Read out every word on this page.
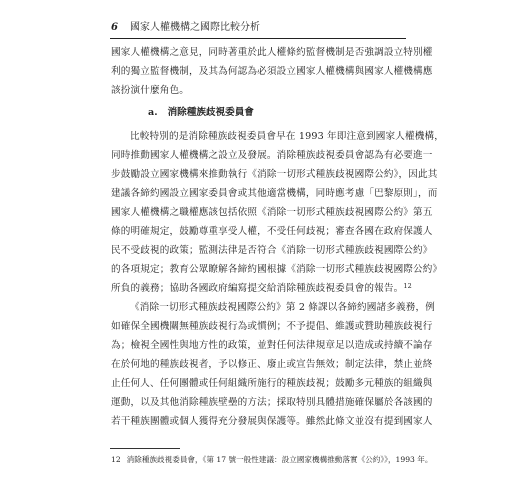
6 國家人權機構之國際比較分析
國家人權機構之意見，同時著重於此人權條約監督機制是否強調設立特別權
利的獨立監督機制，及其為何認為必須設立國家人權機構與國家人權機構應
該扮演什麼角色。
a. 消除種族歧視委員會
比較特別的是消除種族歧視委員會早在 1993 年即注意到國家人權機構，
同時推動國家人權機構之設立及發展。消除種族歧視委員會認為有必要進一
步鼓勵設立國家機構來推動執行《消除一切形式種族歧視國際公約》，因此其
建議各締約國設立國家委員會或其他適當機構，同時應考慮「巴黎原則」，而
國家人權機構之職權應該包括依照《消除一切形式種族歧視國際公約》第五
條的明確規定，鼓勵尊重享受人權，不受任何歧視；審查各國在政府保護人
民不受歧視的政策；監測法律是否符合《消除一切形式種族歧視國際公約》
的各項規定；教育公眾瞭解各締約國根據《消除一切形式種族歧視國際公約》
所負的義務；協助各國政府編寫提交給消除種族歧視委員會的報告。$^{12}$
《消除一切形式種族歧視國際公約》第 2 條課以各締約國諸多義務，例
如確保全國機關無種族歧視行為或慣例；不予提倡、維護或贊助種族歧視行
為；檢視全國性與地方性的政策，並對任何法律規章足以造成或持續不論存
在於何地的種族歧視者，予以修正、廢止或宣告無效；制定法律，禁止並終
止任何人、任何團體或任何組織所施行的種族歧視；鼓勵多元種族的組織與
運動，以及其他消除種族壁壘的方法；採取特別具體措施確保屬於各該國的
若干種族團體或個人獲得充分發展與保護等。雖然此條文並沒有提到國家人
12 消除種族歧視委員會，《第 17 號一般性建議：設立國家機構推動落實《公約》》，1993 年。
